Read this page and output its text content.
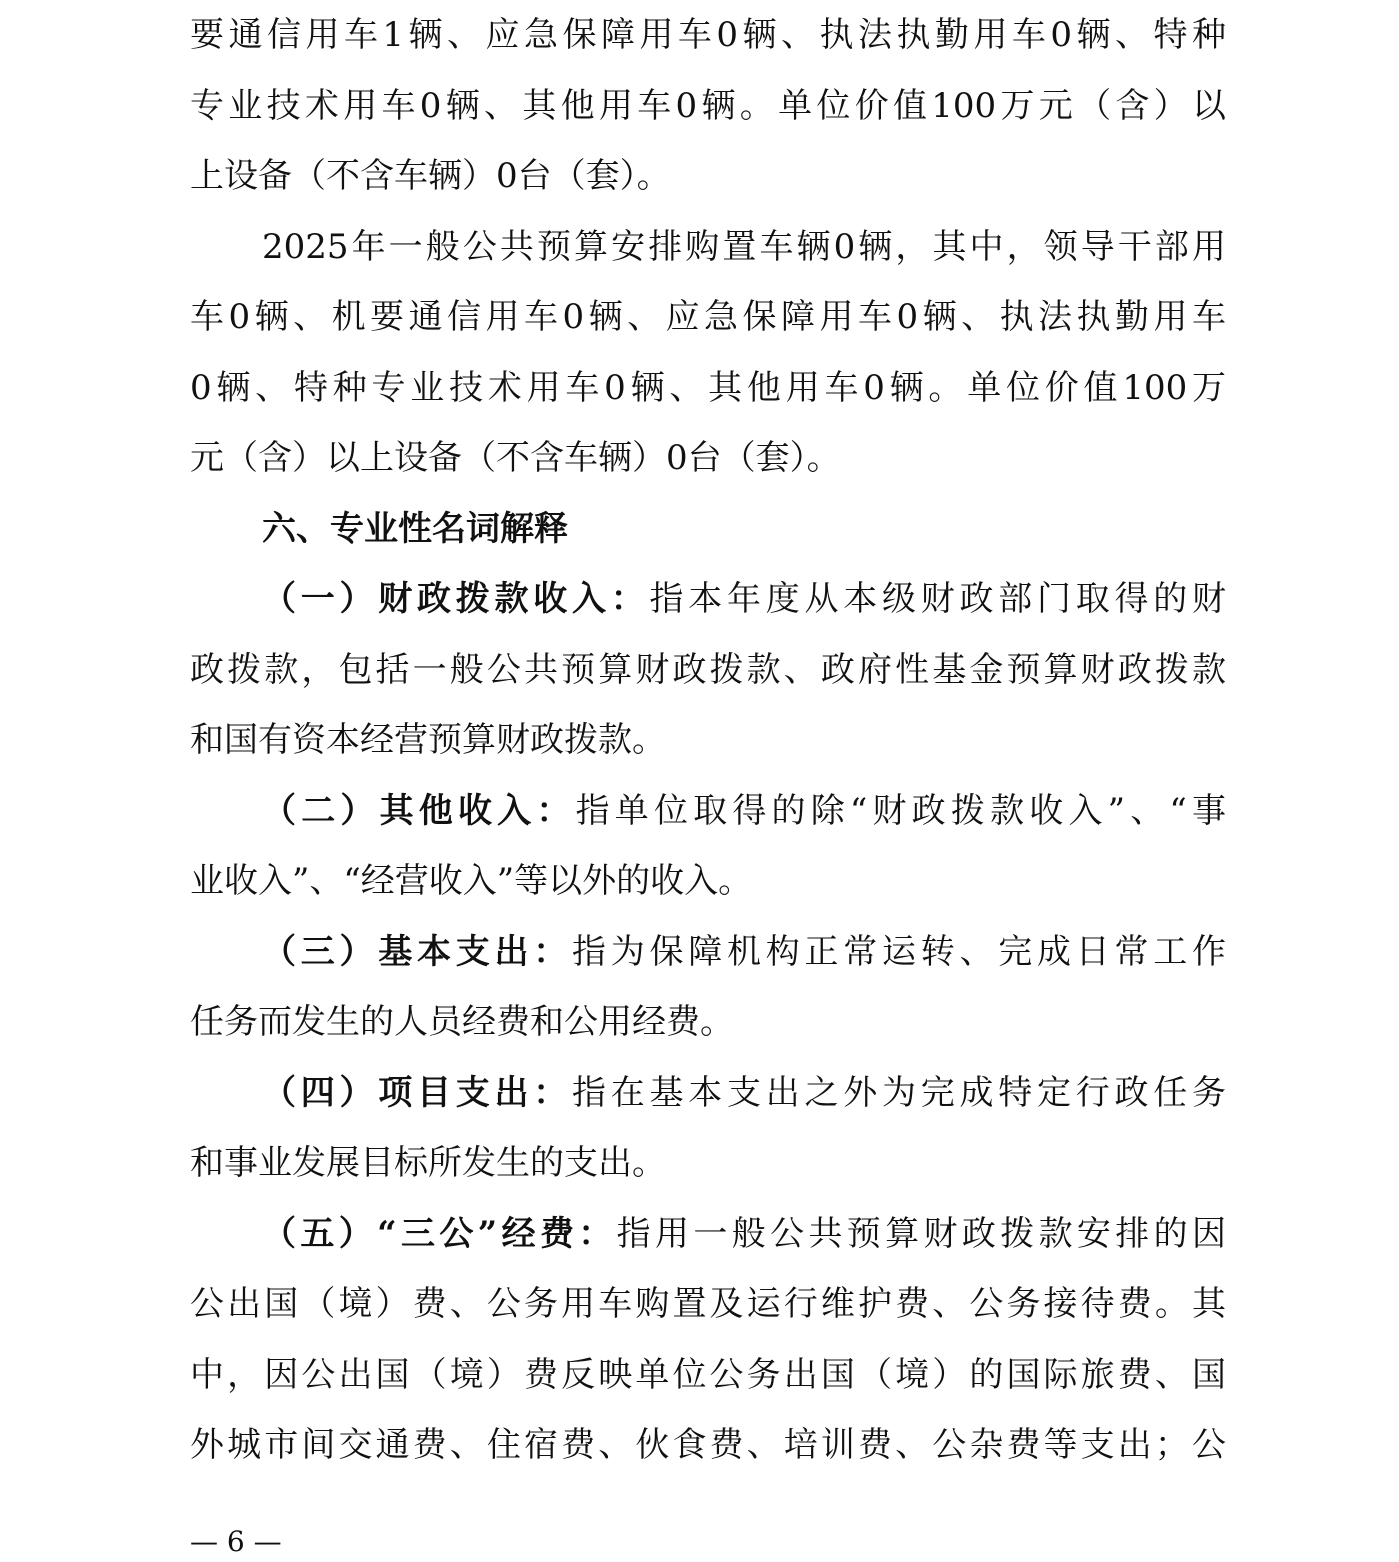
要通信用车1辆、应急保障用车0辆、执法执勤用车0辆、特种
专业技术用车0辆、其他用车0辆。单位价值100万元（含）以
上设备（不含车辆）0台（套）。
2025年一般公共预算安排购置车辆0辆，其中，领导干部用
车0辆、机要通信用车0辆、应急保障用车0辆、执法执勤用车
0辆、特种专业技术用车0辆、其他用车0辆。单位价值100万
元（含）以上设备（不含车辆）0台（套）。
六、专业性名词解释
（一）财政拨款收入：指本年度从本级财政部门取得的财
政拨款，包括一般公共预算财政拨款、政府性基金预算财政拨款
和国有资本经营预算财政拨款。
（二）其他收入：指单位取得的除“财政拨款收入”、“事
业收入”、“经营收入”等以外的收入。
（三）基本支出：指为保障机构正常运转、完成日常工作
任务而发生的人员经费和公用经费。
（四）项目支出：指在基本支出之外为完成特定行政任务
和事业发展目标所发生的支出。
（五）“三公”经费：指用一般公共预算财政拨款安排的因
公出国（境）费、公务用车购置及运行维护费、公务接待费。其
中，因公出国（境）费反映单位公务出国（境）的国际旅费、国
外城市间交通费、住宿费、伙食费、培训费、公杂费等支出；公
— 6 —
